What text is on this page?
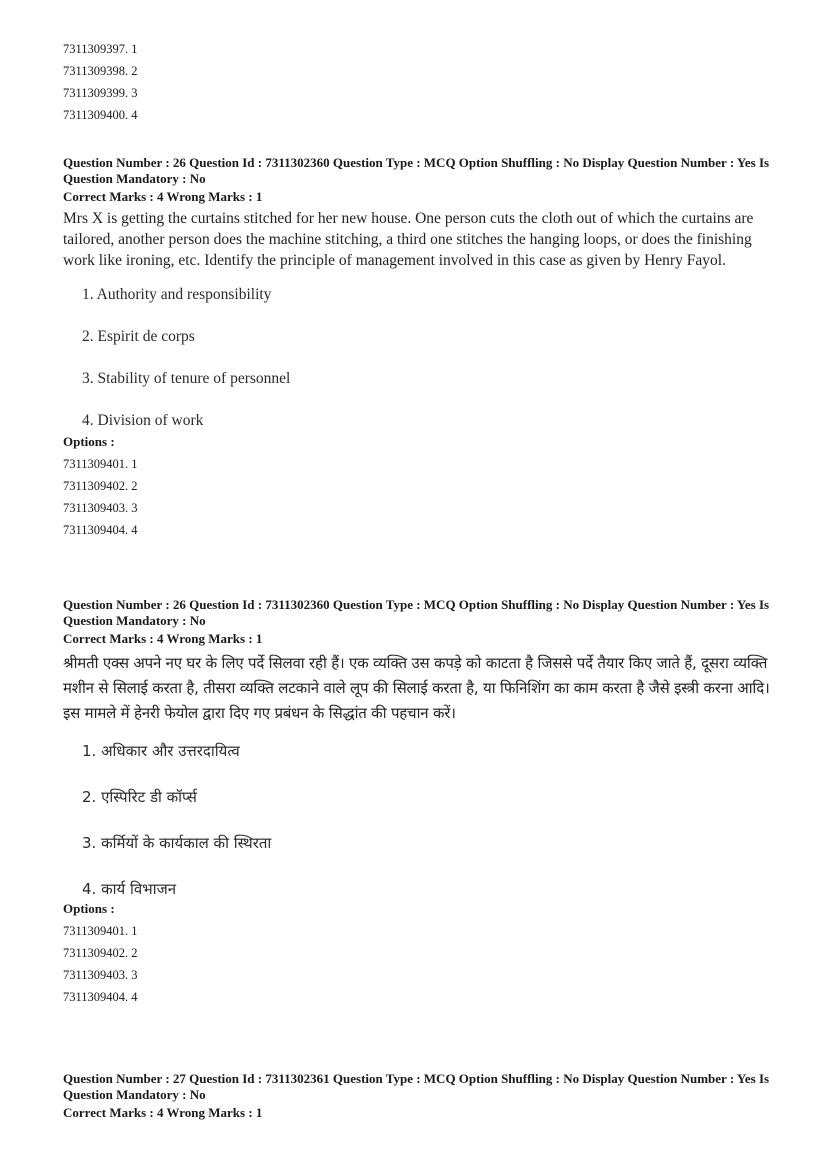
7311309397. 1
7311309398. 2
7311309399. 3
7311309400. 4
Question Number : 26 Question Id : 7311302360 Question Type : MCQ Option Shuffling : No Display Question Number : Yes Is Question Mandatory : No
Correct Marks : 4 Wrong Marks : 1
Mrs X is getting the curtains stitched for her new house. One person cuts the cloth out of which the curtains are tailored, another person does the machine stitching, a third one stitches the hanging loops, or does the finishing work like ironing, etc. Identify the principle of management involved in this case as given by Henry Fayol.
1. Authority and responsibility
2. Espirit de corps
3. Stability of tenure of personnel
4. Division of work
Options :
7311309401. 1
7311309402. 2
7311309403. 3
7311309404. 4
Question Number : 26 Question Id : 7311302360 Question Type : MCQ Option Shuffling : No Display Question Number : Yes Is Question Mandatory : No
Correct Marks : 4 Wrong Marks : 1
श्रीमती एक्स अपने नए घर के लिए पर्दे सिलवा रही हैं। एक व्यक्ति उस कपड़े को काटता है जिससे पर्दे तैयार किए जाते हैं, दूसरा व्यक्ति मशीन से सिलाई करता है, तीसरा व्यक्ति लटकाने वाले लूप की सिलाई करता है, या फिनिशिंग का काम करता है जैसे इस्त्री करना आदि। इस मामले में हेनरी फेयोल द्वारा दिए गए प्रबंधन के सिद्धांत की पहचान करें।
1. अधिकार और उत्तरदायित्व
2. एस्पिरिट डी कॉर्प्स
3. कर्मियों के कार्यकाल की स्थिरता
4. कार्य विभाजन
Options :
7311309401. 1
7311309402. 2
7311309403. 3
7311309404. 4
Question Number : 27 Question Id : 7311302361 Question Type : MCQ Option Shuffling : No Display Question Number : Yes Is Question Mandatory : No
Correct Marks : 4 Wrong Marks : 1
